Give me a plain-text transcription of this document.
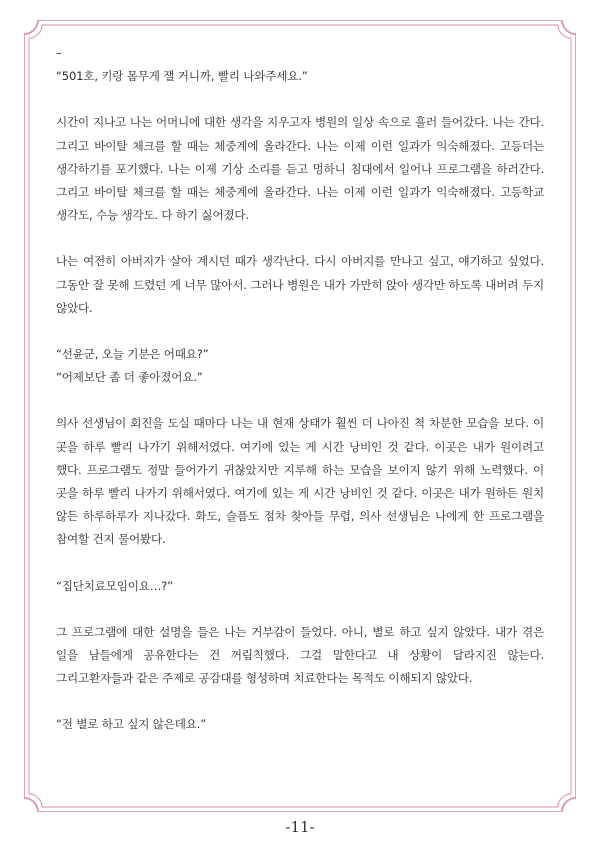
–

“501호, 키랑 몸무게 잴 거니까, 빨리 나와주세요.”

시간이 지나고 나는 어머니에 대한 생각을 지우고자 병원의 일상 속으로 흘러 들어갔다. 나는 간다. 그리고 바이탈 체크를 할 때는 체중계에 올라간다. 나는 이제 이런 일과가 익숙해졌다. 고등더는 생각하기를 포기했다. 나는 이제 기상 소리를 듣고 멍하니 침대에서 일어나 프로그램을 하러간다. 그리고 바이탈 체크를 할 때는 체중계에 올라간다. 나는 이제 이런 일과가 익숙해졌다. 고등학교 생각도, 수능 생각도. 다 하기 싫어졌다.

나는 여전히 아버지가 살아 계시던 때가 생각난다. 다시 아버지를 만나고 싶고, 얘기하고 싶었다. 그동안 잘 못해 드렸던 게 너무 많아서. 그러나 병원은 내가 가만히 앉아 생각만 하도록 내버려 두지 않았다.

“선윤군, 오늘 기분은 어때요?”

“어제보단 좀 더 좋아졌어요.”

의사 선생님이 회진을 도실 때마다 나는 내 현재 상태가 훨씬 더 나아진 척 차분한 모습을 보다. 이 곳을 하루 빨리 나가기 위해서였다. 여기에 있는 게 시간 낭비인 것 같다. 이곳은 내가 원이려고 했다. 프로그램도 정말 들어가기 귀찮았지만 지루해 하는 모습을 보이지 않기 위해 노력했다. 이 곳을 하루 빨리 나가기 위해서였다. 여기에 있는 게 시간 낭비인 것 같다. 이곳은 내가 원하든 원치 않든 하루하루가 지나갔다. 화도, 슬픔도 점차 찾아들 무렵, 의사 선생님은 나에게 한 프로그램을 참여할 건지 물어봤다.

“집단치료모임이요…?”

그 프로그램에 대한 설명을 들은 나는 거부감이 들었다. 아니, 별로 하고 싶지 않았다. 내가 겪은 일을 남들에게 공유한다는 건 꺼림칙했다. 그걸 말한다고 내 상황이 달라지진 않는다. 그리고환자들과 같은 주제로 공감대를 형성하며 치료한다는 목적도 이해되지 않았다.

“전 별로 하고 싶지 않은데요.”

-11-
